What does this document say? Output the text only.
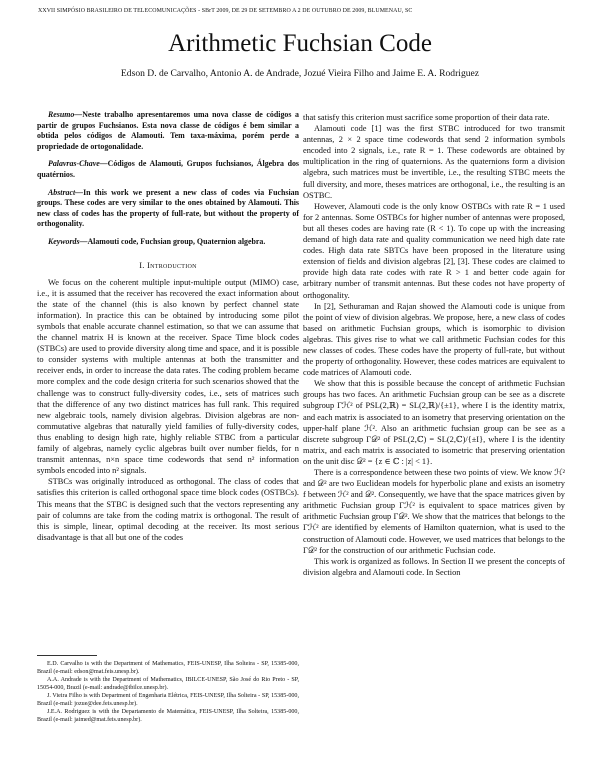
XXVII SIMPÓSIO BRASILEIRO DE TELECOMUNICAÇÕES - SBrT 2009, DE 29 DE SETEMBRO A 2 DE OUTUBRO DE 2009, BLUMENAU, SC
Arithmetic Fuchsian Code
Edson D. de Carvalho, Antonio A. de Andrade, Jozué Vieira Filho and Jaime E. A. Rodriguez

Resumo—Neste trabalho apresentaremos uma nova classe de códigos a partir de grupos Fuchsianos. Esta nova classe de códigos é bem similar a obtida pelos códigos de Alamouti. Tem taxa-máxima, porém perde a propriedade de ortogonalidade.

Palavras-Chave—Códigos de Alamouti, Grupos fuchsianos, Álgebra dos quatérnios.

Abstract—In this work we present a new class of codes via Fuchsian groups. These codes are very similar to the ones obtained by Alamouti. This new class of codes has the property of full-rate, but without the property of orthogonality.

Keywords—Alamouti code, Fuchsian group, Quaternion algebra.

I. Introduction

We focus on the coherent multiple input-multiple output (MIMO) case, i.e., it is assumed that the receiver has recovered the exact information about the state of the channel (this is also known by perfect channel state information). In practice this can be obtained by introducing some pilot symbols that enable accurate channel estimation, so that we can assume that the channel matrix H is known at the receiver. Space Time block codes (STBCs) are used to provide diversity along time and space, and it is possible to consider systems with multiple antennas at both the transmitter and receiver ends, in order to increase the data rates. The coding problem became more complex and the code design criteria for such scenarios showed that the challenge was to construct fully-diversity codes, i.e., sets of matrices such that the difference of any two distinct matrices has full rank. This required new algebraic tools, namely division algebras. Division algebras are non-commutative algebras that naturally yield families of fully-diversity codes, thus enabling to design high rate, highly reliable STBC from a particular family of algebras, namely cyclic algebras built over number fields, for n transmit antennas, n×n space time codewords that send n² information symbols encoded into n² signals.

STBCs was originally introduced as orthogonal. The class of codes that satisfies this criterion is called orthogonal space time block codes (OSTBCs). This means that the STBC is designed such that the vectors representing any pair of columns are take from the coding matrix is orthogonal. The result of this is simple, linear, optimal decoding at the receiver. Its most serious disadvantage is that all but one of the codes

E.D. Carvalho is with the Department of Mathematics, FEIS-UNESP, Ilha Solteira - SP, 15385-000, Brazil (e-mail: edson@mat.feis.unesp.br).

A.A. Andrade is with the Department of Mathematics, IBILCE-UNESP, São José do Rio Preto - SP, 15054-000, Brazil (e-mail: andrade@ibilce.unesp.br).

J. Vieira Filho is with Department of Engenharia Elétrica, FEIS-UNESP, Ilha Solteira - SP, 15385-000, Brazil (e-mail: jozue@dee.feis.unesp.br).

J.E.A. Rodriguez is with the Departamento de Matemática, FEIS-UNESP, Ilha Solteira, 15385-000, Brazil (e-mail: jaimed@mat.feis.unesp.br).

that satisfy this criterion must sacrifice some proportion of their data rate.

Alamouti code [1] was the first STBC introduced for two transmit antennas, 2 × 2 space time codewords that send 2 information symbols encoded into 2 signals, i.e., rate R = 1. These codewords are obtained by multiplication in the ring of quaternions. As the quaternions form a division algebra, such matrices must be invertible, i.e., the resulting STBC meets the full diversity, and more, theses matrices are orthogonal, i.e., the resulting is an OSTBC.

However, Alamouti code is the only know OSTBCs with rate R = 1 used for 2 antennas. Some OSTBCs for higher number of antennas were proposed, but all theses codes are having rate (R < 1). To cope up with the increasing demand of high data rate and quality communication we need high date rate codes. High data rate SBTCs have been proposed in the literature using extension of fields and division algebras [2], [3]. These codes are claimed to provide high data rate codes with rate R > 1 and better code again for arbitrary number of transmit antennas. But these codes not have property of orthogonality.

In [2], Sethuraman and Rajan showed the Alamouti code is unique from the point of view of division algebras. We propose, here, a new class of codes based on arithmetic Fuchsian groups, which is isomorphic to division algebras. This gives rise to what we call arithmetic Fuchsian codes for this new classes of codes. These codes have the property of full-rate, but without the property of orthogonality. However, these codes matrices are equivalent to code matrices of Alamouti code.

We show that this is possible because the concept of arithmetic Fuchsian groups has two faces. An arithmetic Fuchsian group can be see as a discrete subgroup Γℋ² of PSL(2,ℝ) = SL(2,ℝ)/{±1}, where I is the identity matrix, and each matrix is associated to an isometry that preserving orientation on the upper-half plane ℋ². Also an arithmetic fuchsian group can be see as a discrete subgroup Γ𝒟² of PSL(2,ℂ) = SL(2,ℂ)/{±I}, where I is the identity matrix, and each matrix is associated to isometric that preserving orientation on the unit disc 𝒟² = {z ∈ ℂ : |z| < 1}.

There is a correspondence between these two points of view. We know ℋ² and 𝒟² are two Euclidean models for hyperbolic plane and exists an isometry f between ℋ² and 𝒟². Consequently, we have that the space matrices given by arithmetic Fuchsian group Γℋ² is equivalent to space matrices given by arithmetic Fuchsian group Γ𝒟². We show that the matrices that belongs to the Γℋ² are identified by elements of Hamilton quaternion, what is used to the construction of Alamouti code. However, we used matrices that belongs to the Γ𝒟² for the construction of our arithmetic Fuchsian code.

This work is organized as follows. In Section II we present the concepts of division algebra and Alamouti code. In Section
